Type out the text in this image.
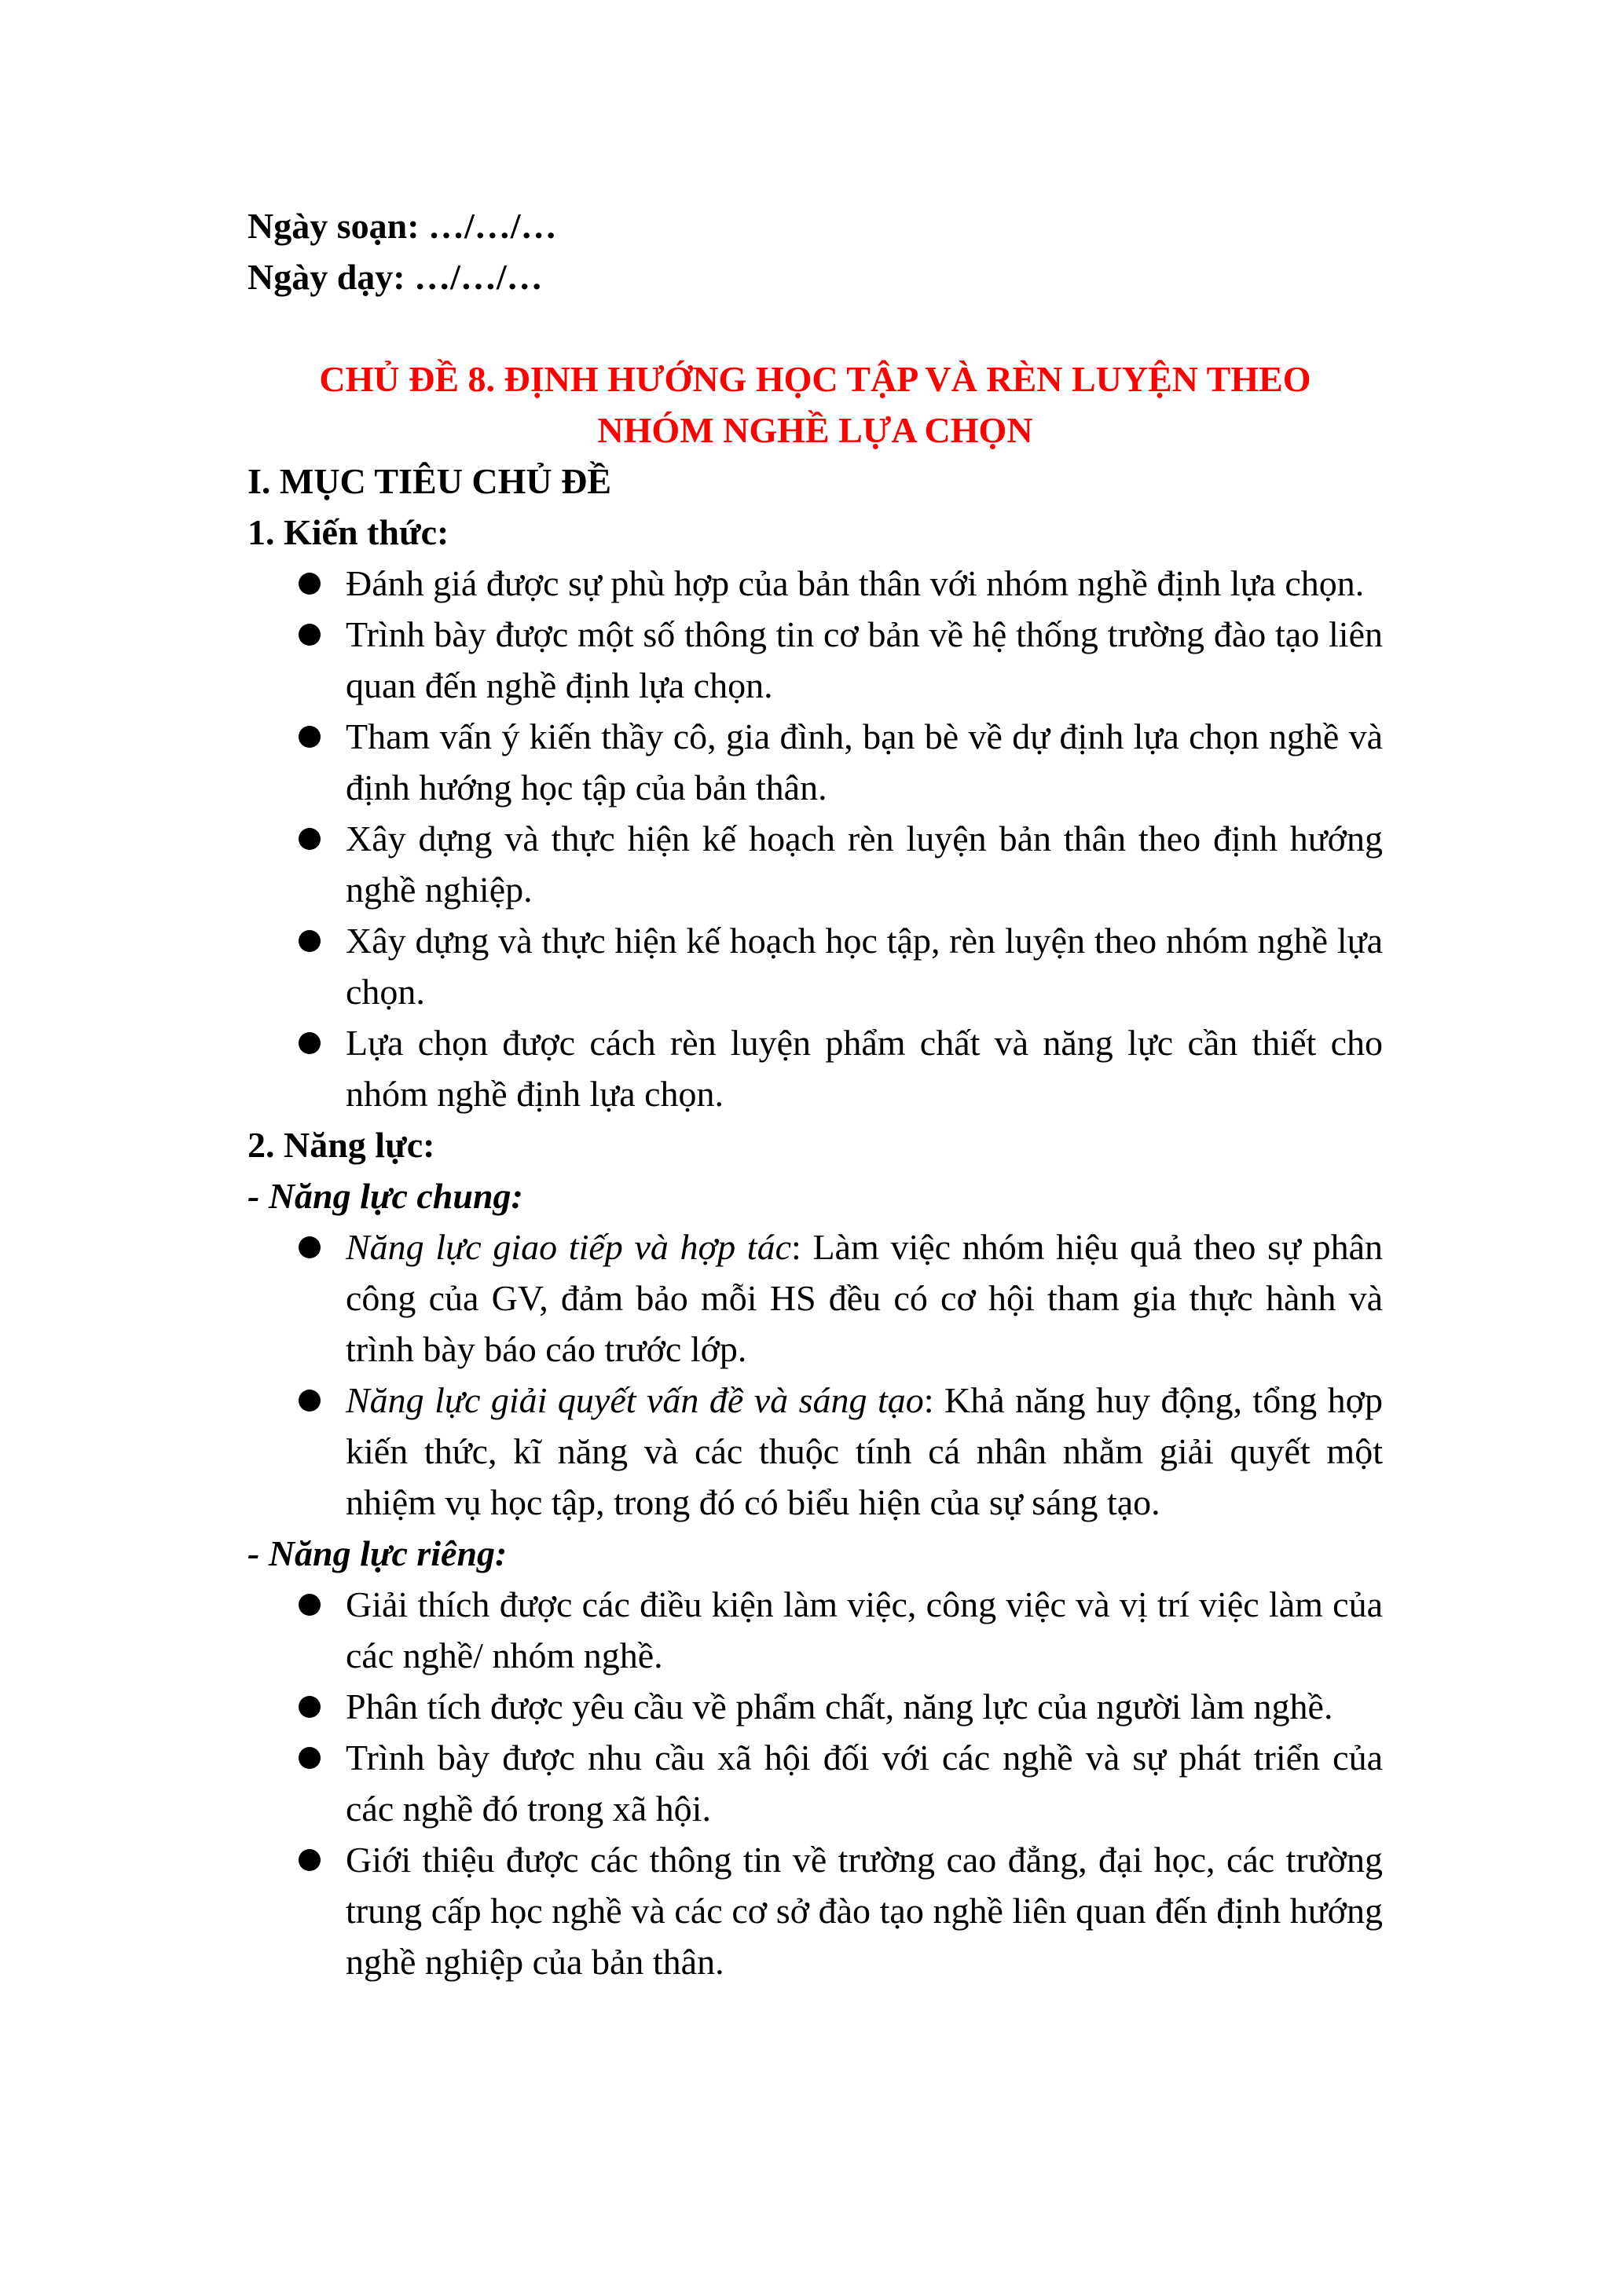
Ngày soạn: …/…/…

Ngày dạy: …/…/…

CHỦ ĐỀ 8. ĐỊNH HƯỚNG HỌC TẬP VÀ RÈN LUYỆN THEO
NHÓM NGHỀ LỰA CHỌN

I. MỤC TIÊU CHỦ ĐỀ

1. Kiến thức:

Đánh giá được sự phù hợp của bản thân với nhóm nghề định lựa chọn.
Trình bày được một số thông tin cơ bản về hệ thống trường đào tạo liên quan đến nghề định lựa chọn.
Tham vấn ý kiến thầy cô, gia đình, bạn bè về dự định lựa chọn nghề và định hướng học tập của bản thân.
Xây dựng và thực hiện kế hoạch rèn luyện bản thân theo định hướng nghề nghiệp.
Xây dựng và thực hiện kế hoạch học tập, rèn luyện theo nhóm nghề lựa chọn.
Lựa chọn được cách rèn luyện phẩm chất và năng lực cần thiết cho nhóm nghề định lựa chọn.

2. Năng lực:

- Năng lực chung:

Năng lực giao tiếp và hợp tác: Làm việc nhóm hiệu quả theo sự phân công của GV, đảm bảo mỗi HS đều có cơ hội tham gia thực hành và trình bày báo cáo trước lớp.
Năng lực giải quyết vấn đề và sáng tạo: Khả năng huy động, tổng hợp kiến thức, kĩ năng và các thuộc tính cá nhân nhằm giải quyết một nhiệm vụ học tập, trong đó có biểu hiện của sự sáng tạo.

- Năng lực riêng:

Giải thích được các điều kiện làm việc, công việc và vị trí việc làm của các nghề/ nhóm nghề.
Phân tích được yêu cầu về phẩm chất, năng lực của người làm nghề.
Trình bày được nhu cầu xã hội đối với các nghề và sự phát triển của các nghề đó trong xã hội.
Giới thiệu được các thông tin về trường cao đẳng, đại học, các trường trung cấp học nghề và các cơ sở đào tạo nghề liên quan đến định hướng nghề nghiệp của bản thân.
